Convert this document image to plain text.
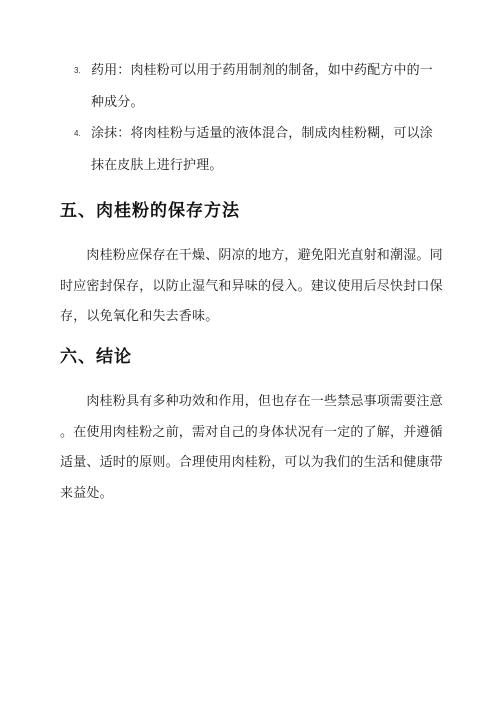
3. 药用：肉桂粉可以用于药用制剂的制备，如中药配方中的一
种成分。
4. 涂抹：将肉桂粉与适量的液体混合，制成肉桂粉糊，可以涂
抹在皮肤上进行护理。
五、肉桂粉的保存方法
　　肉桂粉应保存在干燥、阴凉的地方，避免阳光直射和潮湿。同
时应密封保存，以防止湿气和异味的侵入。建议使用后尽快封口保
存，以免氧化和失去香味。
六、结论
　　肉桂粉具有多种功效和作用，但也存在一些禁忌事项需要注意
。在使用肉桂粉之前，需对自己的身体状况有一定的了解，并遵循
适量、适时的原则。合理使用肉桂粉，可以为我们的生活和健康带
来益处。
